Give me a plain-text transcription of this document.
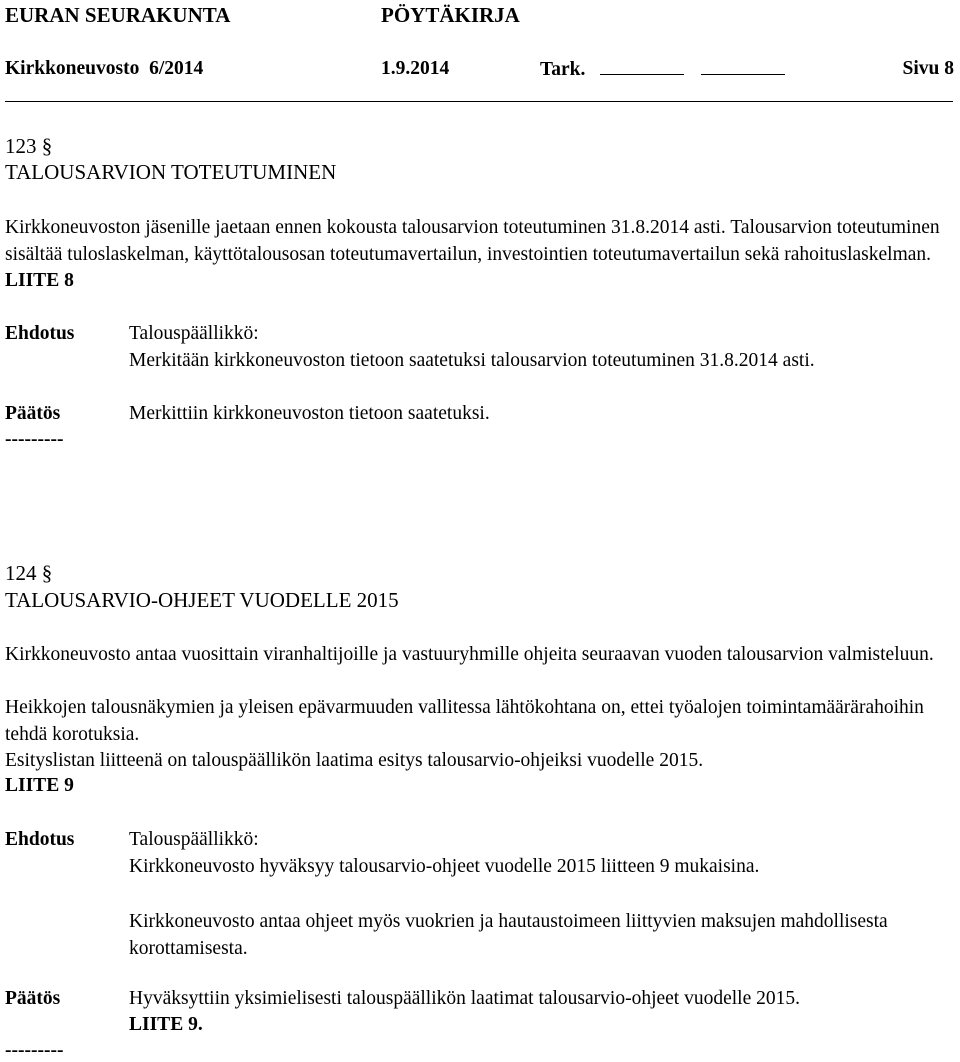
EURAN SEURAKUNTA	PÖYTÄKIRJA
Kirkkoneuvosto  6/2014	1.9.2014	Tark.	Sivu 8
123 §
TALOUSARVION TOTEUTUMINEN
Kirkkoneuvoston jäsenille jaetaan ennen kokousta talousarvion toteutuminen 31.8.2014 asti. Talousarvion toteutuminen sisältää tuloslaskelman, käyttötalousosan toteutumavertailun, investointien toteutumavertailun sekä rahoituslaskelman. LIITE 8
Ehdotus	Talouspäällikkö:
Merkitään kirkkoneuvoston tietoon saatetuksi talousarvion toteutuminen 31.8.2014 asti.
Päätös	Merkittiin kirkkoneuvoston tietoon saatetuksi.
---------
124 §
TALOUSARVIO-OHJEET VUODELLE 2015
Kirkkoneuvosto antaa vuosittain viranhaltijoille ja vastuuryhmille ohjeita seuraavan vuoden talousarvion valmisteluun.
Heikkojen talousnäkymien ja yleisen epävarmuuden vallitessa lähtökohtana on, ettei työalojen toimintamäärärahoihin tehdä korotuksia.
Esityslistan liitteenä on talouspäällikön laatima esitys talousarvio-ohjeiksi vuodelle 2015.
LIITE 9
Ehdotus	Talouspäällikkö:
Kirkkoneuvosto hyväksyy talousarvio-ohjeet vuodelle 2015 liitteen 9 mukaisina.
Kirkkoneuvosto antaa ohjeet myös vuokrien ja hautaustoimeen liittyvien maksujen mahdollisesta korottamisesta.
Päätös	Hyväksyttiin yksimielisesti talouspäällikön laatimat talousarvio-ohjeet vuodelle 2015.
LIITE 9.
---------
